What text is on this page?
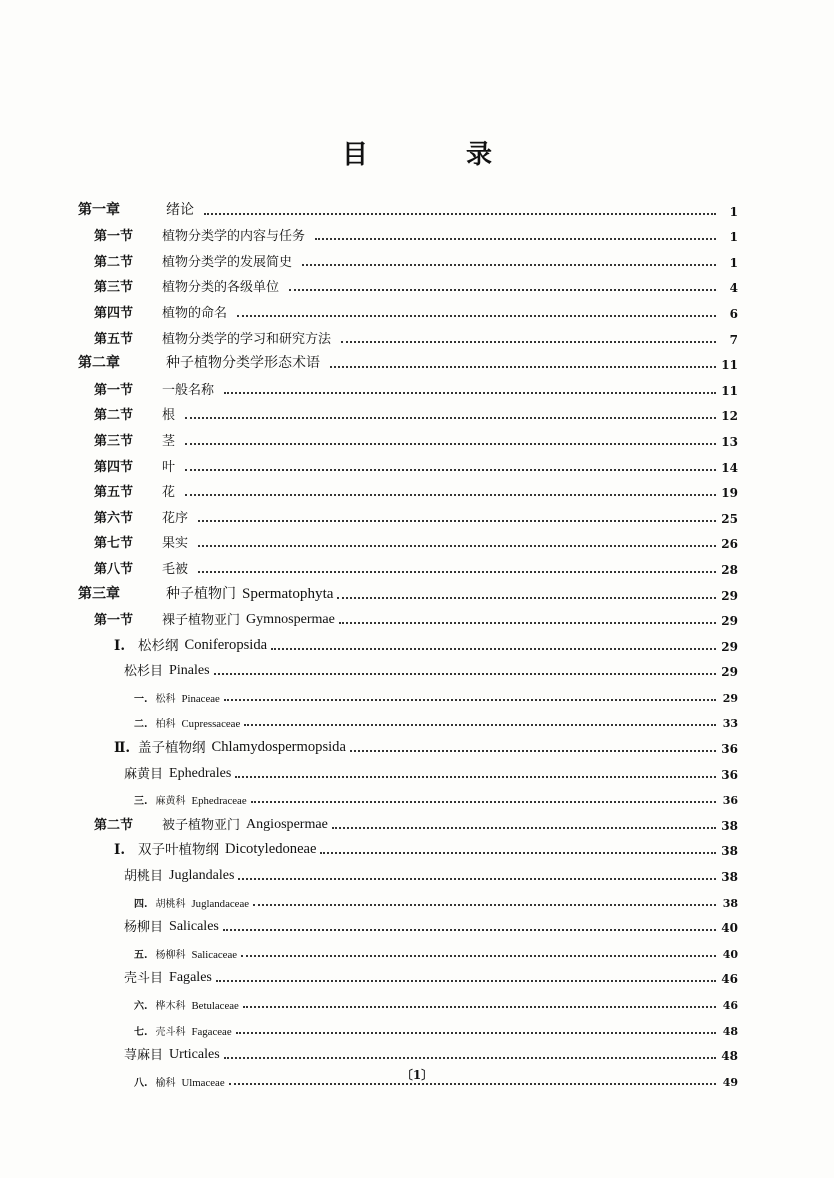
目　录
第一章	绪论	1
第一节	植物分类学的内容与任务	1
第二节	植物分类学的发展简史	1
第三节	植物分类的各级单位	4
第四节	植物的命名	6
第五节	植物分类学的学习和研究方法	7
第二章	种子植物分类学形态术语	11
第一节	一般名称	11
第二节	根	12
第三节	茎	13
第四节	叶	14
第五节	花	19
第六节	花序	25
第七节	果实	26
第八节	毛被	28
第三章	种子植物门 Spermatophyta	29
第一节	裸子植物亚门 Gymnospermae	29
Ⅰ. 松杉纲 Coniferopsida	29
松杉目 Pinales	29
一. 松科 Pinaceae	29
二. 柏科 Cupressaceae	33
Ⅱ. 盖子植物纲 Chlamydospermopsida	36
麻黄目 Ephedrales	36
三. 麻黄科 Ephedraceae	36
第二节	被子植物亚门 Angiospermae	38
Ⅰ. 双子叶植物纲 Dicotyledoneae	38
胡桃目 Juglandales	38
四. 胡桃科 Juglandaceae	38
杨柳目 Salicales	40
五. 杨柳科 Salicaceae	40
壳斗目 Fagales	46
六. 桦木科 Betulaceae	46
七. 壳斗科 Fagaceae	48
荨麻目 Urticales	48
八. 榆科 Ulmaceae	49
〔1〕
